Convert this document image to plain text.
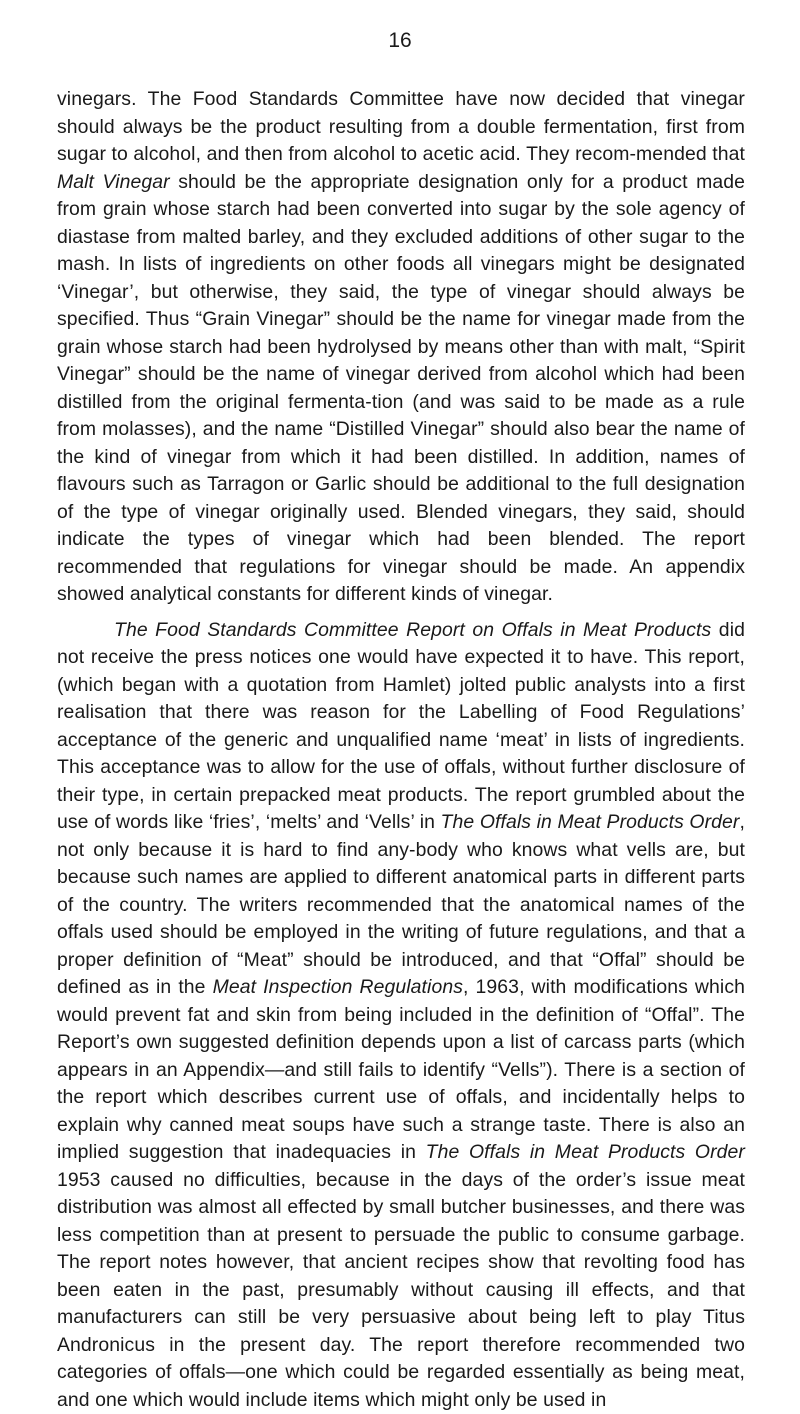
16

vinegars. The Food Standards Committee have now decided that vinegar should always be the product resulting from a double fermentation, first from sugar to alcohol, and then from alcohol to acetic acid. They recom-mended that Malt Vinegar should be the appropriate designation only for a product made from grain whose starch had been converted into sugar by the sole agency of diastase from malted barley, and they excluded additions of other sugar to the mash. In lists of ingredients on other foods all vinegars might be designated ‘Vinegar’, but otherwise, they said, the type of vinegar should always be specified. Thus “Grain Vinegar” should be the name for vinegar made from the grain whose starch had been hydrolysed by means other than with malt, “Spirit Vinegar” should be the name of vinegar derived from alcohol which had been distilled from the original fermenta-tion (and was said to be made as a rule from molasses), and the name “Distilled Vinegar” should also bear the name of the kind of vinegar from which it had been distilled. In addition, names of flavours such as Tarragon or Garlic should be additional to the full designation of the type of vinegar originally used. Blended vinegars, they said, should indicate the types of vinegar which had been blended. The report recommended that regulations for vinegar should be made. An appendix showed analytical constants for different kinds of vinegar.

The Food Standards Committee Report on Offals in Meat Products did not receive the press notices one would have expected it to have. This report, (which began with a quotation from Hamlet) jolted public analysts into a first realisation that there was reason for the Labelling of Food Regulations’ acceptance of the generic and unqualified name ‘meat’ in lists of ingredients. This acceptance was to allow for the use of offals, without further disclosure of their type, in certain prepacked meat products. The report grumbled about the use of words like ‘fries’, ‘melts’ and ‘Vells’ in The Offals in Meat Products Order, not only because it is hard to find any-body who knows what vells are, but because such names are applied to different anatomical parts in different parts of the country. The writers recommended that the anatomical names of the offals used should be employed in the writing of future regulations, and that a proper definition of “Meat” should be introduced, and that “Offal” should be defined as in the Meat Inspection Regulations, 1963, with modifications which would prevent fat and skin from being included in the definition of “Offal”. The Report’s own suggested definition depends upon a list of carcass parts (which appears in an Appendix—and still fails to identify “Vells”). There is a section of the report which describes current use of offals, and incidentally helps to explain why canned meat soups have such a strange taste. There is also an implied suggestion that inadequacies in The Offals in Meat Products Order 1953 caused no difficulties, because in the days of the order’s issue meat distribution was almost all effected by small butcher businesses, and there was less competition than at present to persuade the public to consume garbage. The report notes however, that ancient recipes show that revolting food has been eaten in the past, presumably without causing ill effects, and that manufacturers can still be very persuasive about being left to play Titus Andronicus in the present day. The report therefore recommended two categories of offals—one which could be regarded essentially as being meat, and one which would include items which might only be used in
